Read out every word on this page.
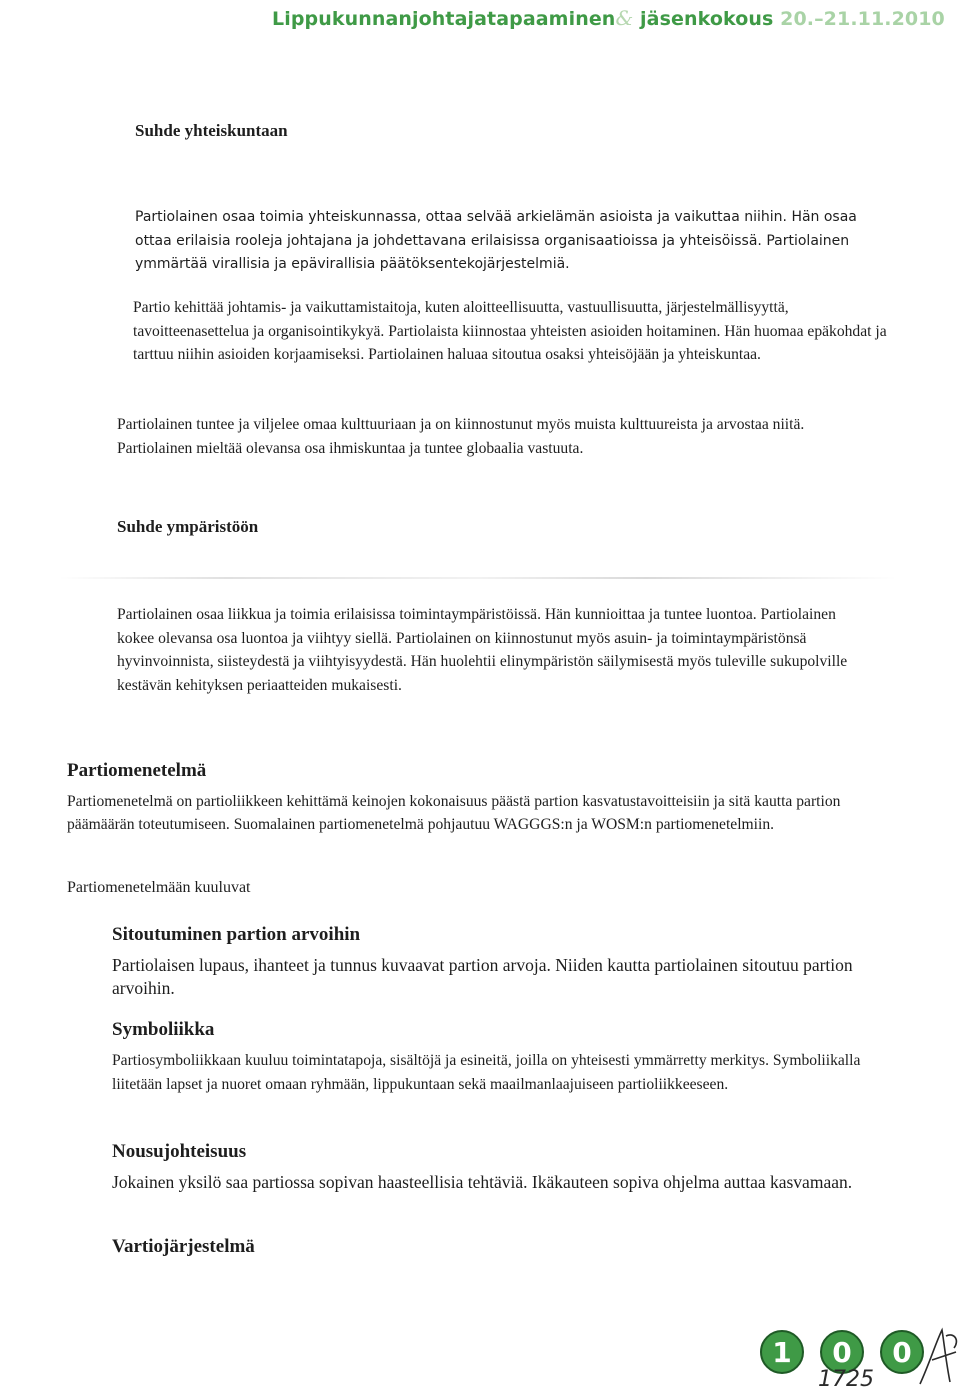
Lippukunnanjohtajatapaaminen& jäsenkokous 20.–21.11.2010
Suhde yhteiskuntaan

Partiolainen osaa toimia yhteiskunnassa, ottaa selvää arkielämän asioista ja vaikuttaa niihin. Hän osaa ottaa erilaisia rooleja johtajana ja johdettavana erilaisissa organisaatioissa ja yhteisöissä. Partiolainen ymmärtää virallisia ja epävirallisia päätöksentekojärjestelmiä.

Partio kehittää johtamis- ja vaikuttamistaitoja, kuten aloitteellisuutta, vastuullisuutta, järjestelmällisyyttä, tavoitteenasettelua ja organisointikykyä. Partiolaista kiinnostaa yhteisten asioiden hoitaminen. Hän huomaa epäkohdat ja tarttuu niihin asioiden korjaamiseksi. Partiolainen haluaa sitoutua osaksi yhteisöjään ja yhteiskuntaa.

Partiolainen tuntee ja viljelee omaa kulttuuriaan ja on kiinnostunut myös muista kulttuureista ja arvostaa niitä. Partiolainen mieltää olevansa osa ihmiskuntaa ja tuntee globaalia vastuuta.

Suhde ympäristöön

Partiolainen osaa liikkua ja toimia erilaisissa toimintaympäristöissä. Hän kunnioittaa ja tuntee luontoa. Partiolainen kokee olevansa osa luontoa ja viihtyy siellä. Partiolainen on kiinnostunut myös asuin- ja toimintaympäristönsä hyvinvoinnista, siisteydestä ja viihtyisyydestä. Hän huolehtii elinympäristön säilymisestä myös tuleville sukupolville kestävän kehityksen periaatteiden mukaisesti.

Partiomenetelmä

Partiomenetelmä on partioliikkeen kehittämä keinojen kokonaisuus päästä partion kasvatustavoitteisiin ja sitä kautta partion päämäärän toteutumiseen. Suomalainen partiomenetelmä pohjautuu WAGGGS:n ja WOSM:n partiomenetelmiin.

Partiomenetelmään kuuluvat

Sitoutuminen partion arvoihin

Partiolaisen lupaus, ihanteet ja tunnus kuvaavat partion arvoja. Niiden kautta partiolainen sitoutuu partion arvoihin.

Symboliikka

Partiosymboliikkaan kuuluu toimintatapoja, sisältöjä ja esineitä, joilla on yhteisesti ymmärretty merkitys. Symboliikalla liitetään lapset ja nuoret omaan ryhmään, lippukuntaan sekä maailmanlaajuiseen partioliikkeeseen.

Nousujohteisuus

Jokainen yksilö saa partiossa sopivan haasteellisia tehtäviä. Ikäkauteen sopiva ohjelma auttaa kasvamaan.

Vartiojärjestelmä
1 0 0
1725
